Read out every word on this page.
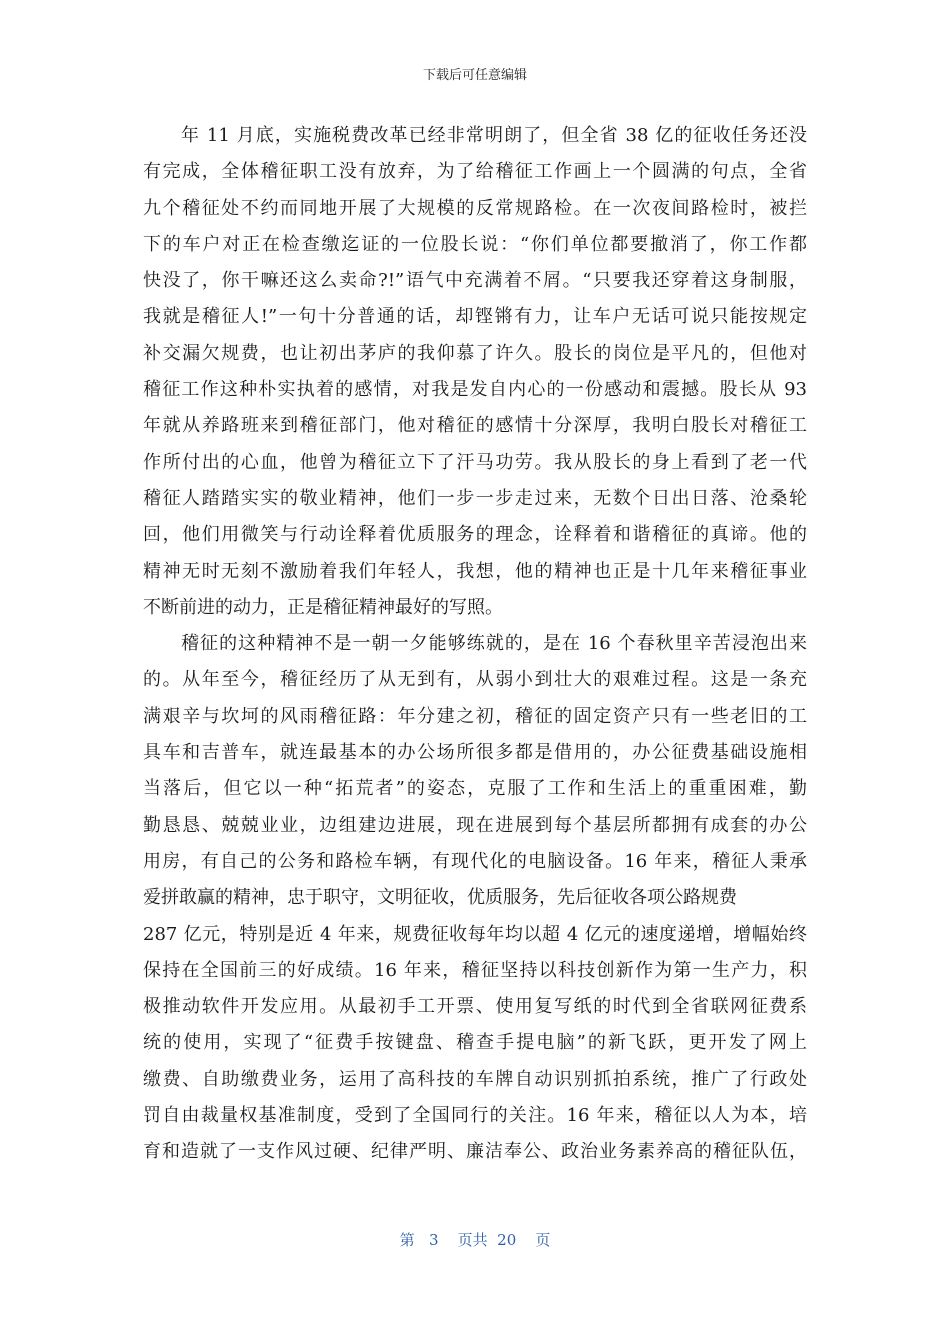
下载后可任意编辑
年 11 月底，实施税费改革已经非常明朗了，但全省 38 亿的征收任务还没
有完成，全体稽征职工没有放弃，为了给稽征工作画上一个圆满的句点，全省
九个稽征处不约而同地开展了大规模的反常规路检。在一次夜间路检时，被拦
下的车户对正在检查缴迄证的一位股长说：“你们单位都要撤消了，你工作都
快没了，你干嘛还这么卖命?!”语气中充满着不屑。“只要我还穿着这身制服，
我就是稽征人!”一句十分普通的话，却铿锵有力，让车户无话可说只能按规定
补交漏欠规费，也让初出茅庐的我仰慕了许久。股长的岗位是平凡的，但他对
稽征工作这种朴实执着的感情，对我是发自内心的一份感动和震撼。股长从 93
年就从养路班来到稽征部门，他对稽征的感情十分深厚，我明白股长对稽征工
作所付出的心血，他曾为稽征立下了汗马功劳。我从股长的身上看到了老一代
稽征人踏踏实实的敬业精神，他们一步一步走过来，无数个日出日落、沧桑轮
回，他们用微笑与行动诠释着优质服务的理念，诠释着和谐稽征的真谛。他的
精神无时无刻不激励着我们年轻人，我想，他的精神也正是十几年来稽征事业
不断前进的动力，正是稽征精神最好的写照。
稽征的这种精神不是一朝一夕能够练就的，是在 16 个春秋里辛苦浸泡出来
的。从年至今，稽征经历了从无到有，从弱小到壮大的艰难过程。这是一条充
满艰辛与坎坷的风雨稽征路：年分建之初，稽征的固定资产只有一些老旧的工
具车和吉普车，就连最基本的办公场所很多都是借用的，办公征费基础设施相
当落后，但它以一种“拓荒者”的姿态，克服了工作和生活上的重重困难，勤
勤恳恳、兢兢业业，边组建边进展，现在进展到每个基层所都拥有成套的办公
用房，有自己的公务和路检车辆，有现代化的电脑设备。16 年来，稽征人秉承
爱拼敢赢的精神，忠于职守，文明征收，优质服务，先后征收各项公路规费
287 亿元，特别是近 4 年来，规费征收每年均以超 4 亿元的速度递增，增幅始终
保持在全国前三的好成绩。16 年来，稽征坚持以科技创新作为第一生产力，积
极推动软件开发应用。从最初手工开票、使用复写纸的时代到全省联网征费系
统的使用，实现了“征费手按键盘、稽查手提电脑”的新飞跃，更开发了网上
缴费、自助缴费业务，运用了高科技的车牌自动识别抓拍系统，推广了行政处
罚自由裁量权基准制度，受到了全国同行的关注。16 年来，稽征以人为本，培
育和造就了一支作风过硬、纪律严明、廉洁奉公、政治业务素养高的稽征队伍，
第 3 页共 20 页
